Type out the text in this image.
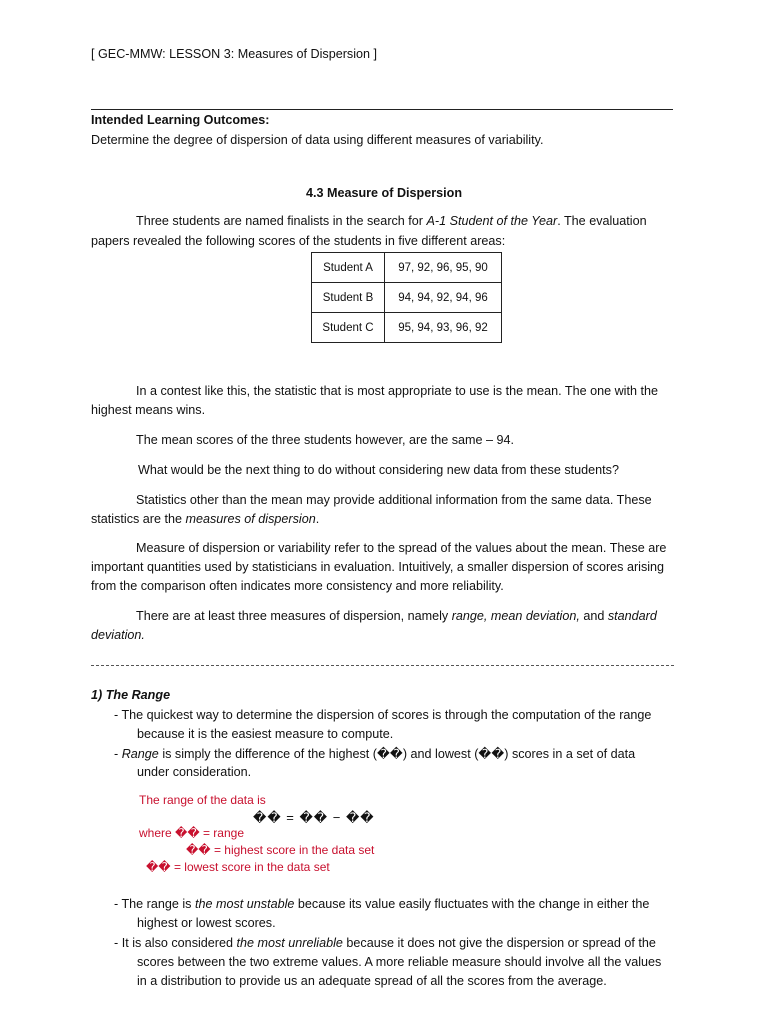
[ GEC-MMW: LESSON 3: Measures of Dispersion ]
Intended Learning Outcomes:
Determine the degree of dispersion of data using different measures of variability.
4.3 Measure of Dispersion
Three students are named finalists in the search for A-1 Student of the Year. The evaluation
papers revealed the following scores of the students in five different areas:
Student A	97, 92, 96, 95, 90
Student B	94, 94, 92, 94, 96
Student C	95, 94, 93, 96, 92
In a contest like this, the statistic that is most appropriate to use is the mean. The one with the
highest means wins.
The mean scores of the three students however, are the same – 94.
What would be the next thing to do without considering new data from these students?
Statistics other than the mean may provide additional information from the same data. These
statistics are the measures of dispersion.
Measure of dispersion or variability refer to the spread of the values about the mean. These are
important quantities used by statisticians in evaluation. Intuitively, a smaller dispersion of scores arising
from the comparison often indicates more consistency and more reliability.
There are at least three measures of dispersion, namely range, mean deviation, and standard
deviation.
1) The Range
- The quickest way to determine the dispersion of scores is through the computation of the range
because it is the easiest measure to compute.
- Range is simply the difference of the highest (��) and lowest (��) scores in a set of data
under consideration.
The range of the data is
�� = �� − ��
where �� = range
�� = highest score in the data set
�� = lowest score in the data set
- The range is the most unstable because its value easily fluctuates with the change in either the
highest or lowest scores.
- It is also considered the most unreliable because it does not give the dispersion or spread of the
scores between the two extreme values. A more reliable measure should involve all the values
in a distribution to provide us an adequate spread of all the scores from the average.
